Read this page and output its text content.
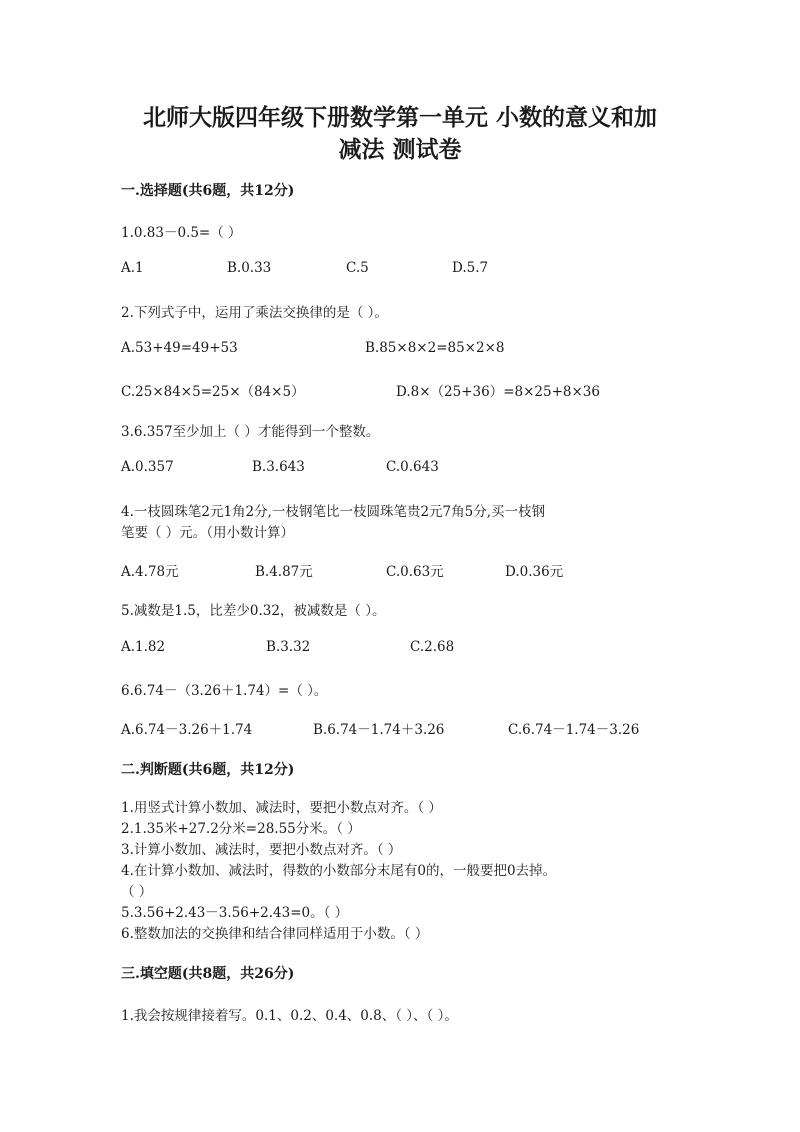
北师大版四年级下册数学第一单元 小数的意义和加
减法 测试卷

一.选择题(共6题，共12分)

1.0.83－0.5=（ ）

A.1	B.0.33	C.5	D.5.7

2.下列式子中，运用了乘法交换律的是（ ）。

A.53+49=49+53	B.85×8×2=85×2×8

C.25×84×5=25×（84×5）	D.8×（25+36）=8×25+8×36

3.6.357至少加上（ ）才能得到一个整数。

A.0.357	B.3.643	C.0.643

4.一枝圆珠笔2元1角2分,一枝钢笔比一枝圆珠笔贵2元7角5分,买一枝钢

笔要（ ）元。（用小数计算）

A.4.78元	B.4.87元	C.0.63元	D.0.36元

5.减数是1.5，比差少0.32，被减数是（ ）。

A.1.82	B.3.32	C.2.68

6.6.74－（3.26＋1.74）=（ ）。

A.6.74－3.26＋1.74	B.6.74－1.74＋3.26	C.6.74－1.74－3.26

二.判断题(共6题，共12分)

1.用竖式计算小数加、减法时，要把小数点对齐。（ ）

2.1.35米+27.2分米=28.55分米。（ ）

3.计算小数加、减法时，要把小数点对齐。（ ）

4.在计算小数加、减法时，得数的小数部分末尾有0的，一般要把0去掉。

（ ）

5.3.56+2.43－3.56+2.43=0。（ ）

6.整数加法的交换律和结合律同样适用于小数。（ ）

三.填空题(共8题，共26分)

1.我会按规律接着写。0.1、0.2、0.4、0.8、（ ）、（ ）。
